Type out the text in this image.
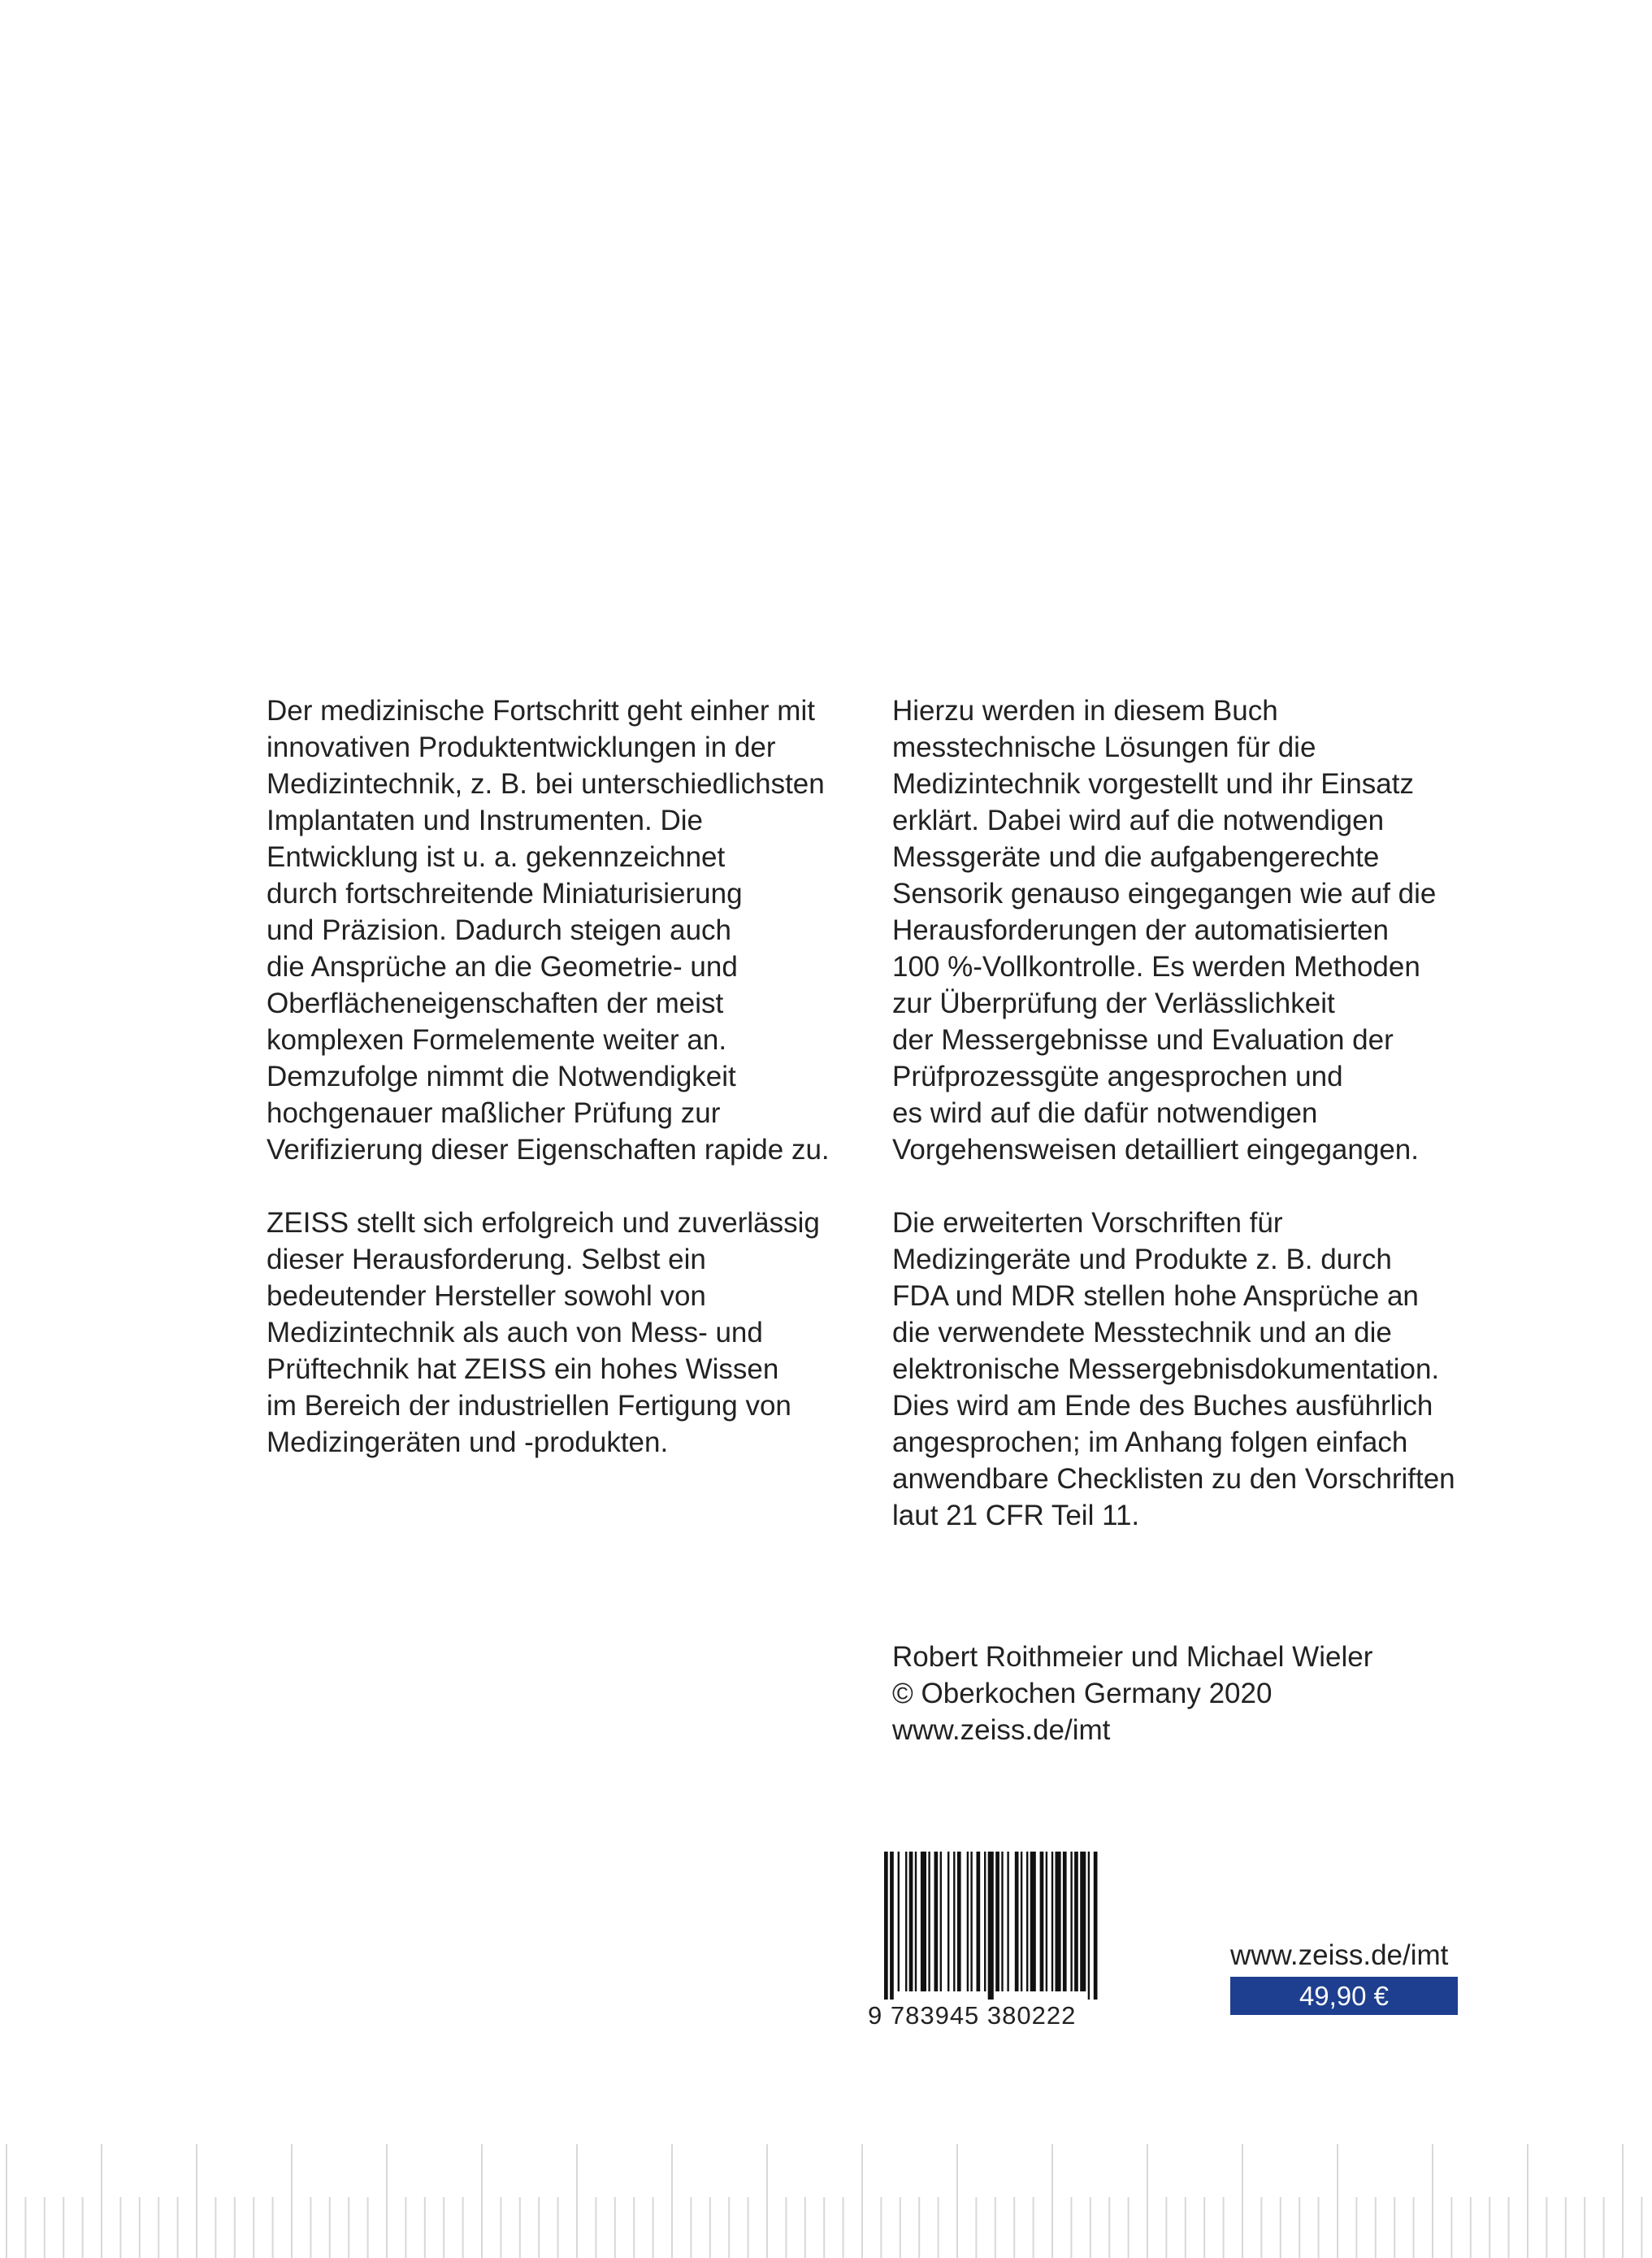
Der medizinische Fortschritt geht einher mit
innovativen Produktentwicklungen in der
Medizintechnik, z. B. bei unterschiedlichsten
Implantaten und Instrumenten. Die
Entwicklung ist u. a. gekennzeichnet
durch fortschreitende Miniaturisierung
und Präzision. Dadurch steigen auch
die Ansprüche an die Geometrie- und
Oberflächeneigenschaften der meist
komplexen Formelemente weiter an.
Demzufolge nimmt die Notwendigkeit
hochgenauer maßlicher Prüfung zur
Verifizierung dieser Eigenschaften rapide zu.

ZEISS stellt sich erfolgreich und zuverlässig
dieser Herausforderung. Selbst ein
bedeutender Hersteller sowohl von
Medizintechnik als auch von Mess- und
Prüftechnik hat ZEISS ein hohes Wissen
im Bereich der industriellen Fertigung von
Medizingeräten und -produkten.

Hierzu werden in diesem Buch
messtechnische Lösungen für die
Medizintechnik vorgestellt und ihr Einsatz
erklärt. Dabei wird auf die notwendigen
Messgeräte und die aufgabengerechte
Sensorik genauso eingegangen wie auf die
Herausforderungen der automatisierten
100 %-Vollkontrolle. Es werden Methoden
zur Überprüfung der Verlässlichkeit
der Messergebnisse und Evaluation der
Prüfprozessgüte angesprochen und
es wird auf die dafür notwendigen
Vorgehensweisen detailliert eingegangen.

Die erweiterten Vorschriften für
Medizingeräte und Produkte z. B. durch
FDA und MDR stellen hohe Ansprüche an
die verwendete Messtechnik und an die
elektronische Messergebnisdokumentation.
Dies wird am Ende des Buches ausführlich
angesprochen; im Anhang folgen einfach
anwendbare Checklisten zu den Vorschriften
laut 21 CFR Teil 11.

Robert Roithmeier und Michael Wieler
© Oberkochen Germany 2020
www.zeiss.de/imt
9 783945 380222
www.zeiss.de/imt
49,90 €
